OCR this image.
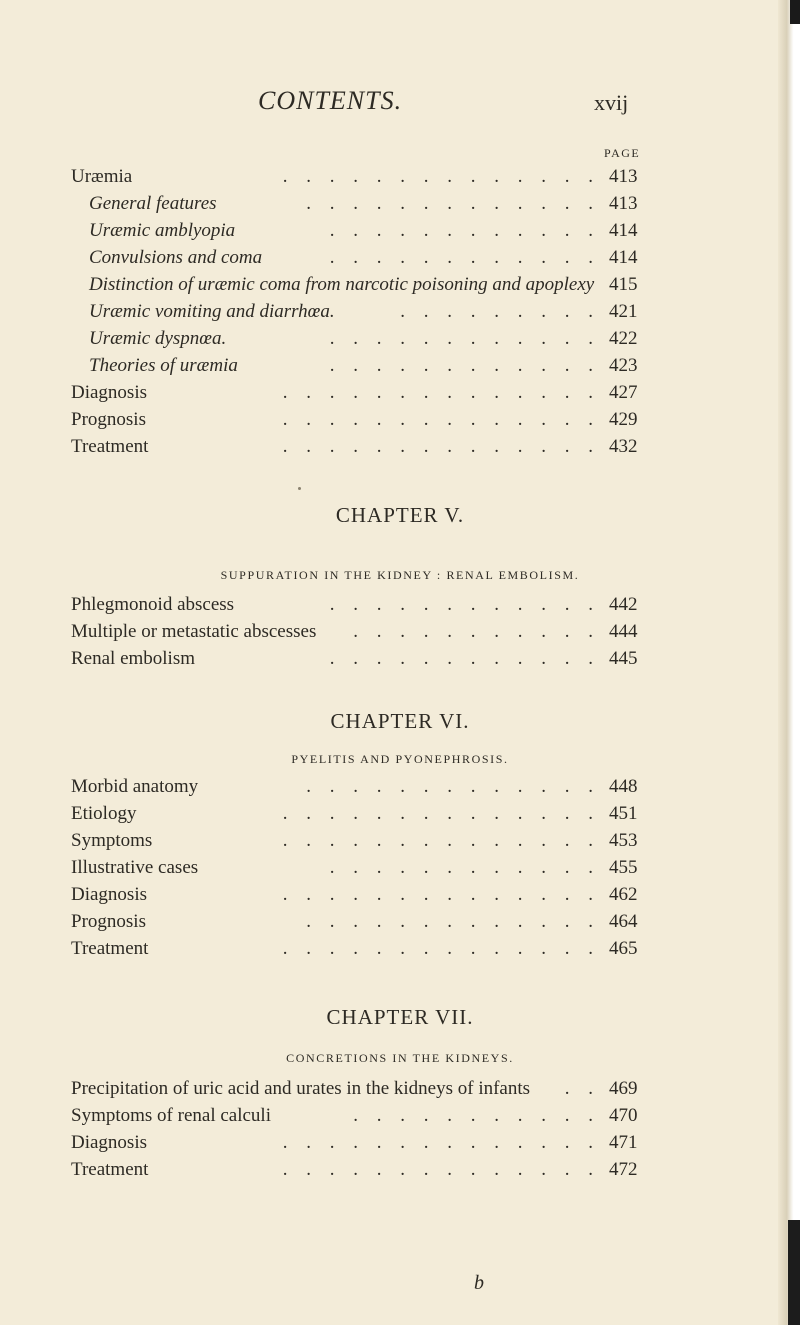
CONTENTS.	xvij
PAGE
Uræmia	. . . . . . . . . . . . . . 413
General features	. . . . . . . . . . . . . 413
Uræmic amblyopia	. . . . . . . . . . . . 414
Convulsions and coma	. . . . . . . . . . . . 414
Distinction of uræmic coma from narcotic poisoning and apoplexy 415
Uræmic vomiting and diarrhœa.	. . . . . . . . . 421
Uræmic dyspnœa.	. . . . . . . . . . . . 422
Theories of uræmia	. . . . . . . . . . . . 423
Diagnosis	. . . . . . . . . . . . . . 427
Prognosis	. . . . . . . . . . . . . . 429
Treatment	. . . . . . . . . . . . . . 432
CHAPTER V.
SUPPURATION IN THE KIDNEY : RENAL EMBOLISM.
Phlegmonoid abscess	. . . . . . . . . . . . 442
Multiple or metastatic abscesses	. . . . . . . . . . . 444
Renal embolism	. . . . . . . . . . . . 445
CHAPTER VI.
PYELITIS AND PYONEPHROSIS.
Morbid anatomy	. . . . . . . . . . . . . 448
Etiology	. . . . . . . . . . . . . . 451
Symptoms	. . . . . . . . . . . . . . 453
Illustrative cases	. . . . . . . . . . . . 455
Diagnosis	. . . . . . . . . . . . . . 462
Prognosis	. . . . . . . . . . . . . 464
Treatment	. . . . . . . . . . . . . . 465
CHAPTER VII.
CONCRETIONS IN THE KIDNEYS.
Precipitation of uric acid and urates in the kidneys of infants	. . 469
Symptoms of renal calculi	. . . . . . . . . . . 470
Diagnosis	. . . . . . . . . . . . . . 471
Treatment	. . . . . . . . . . . . . . 472
b
